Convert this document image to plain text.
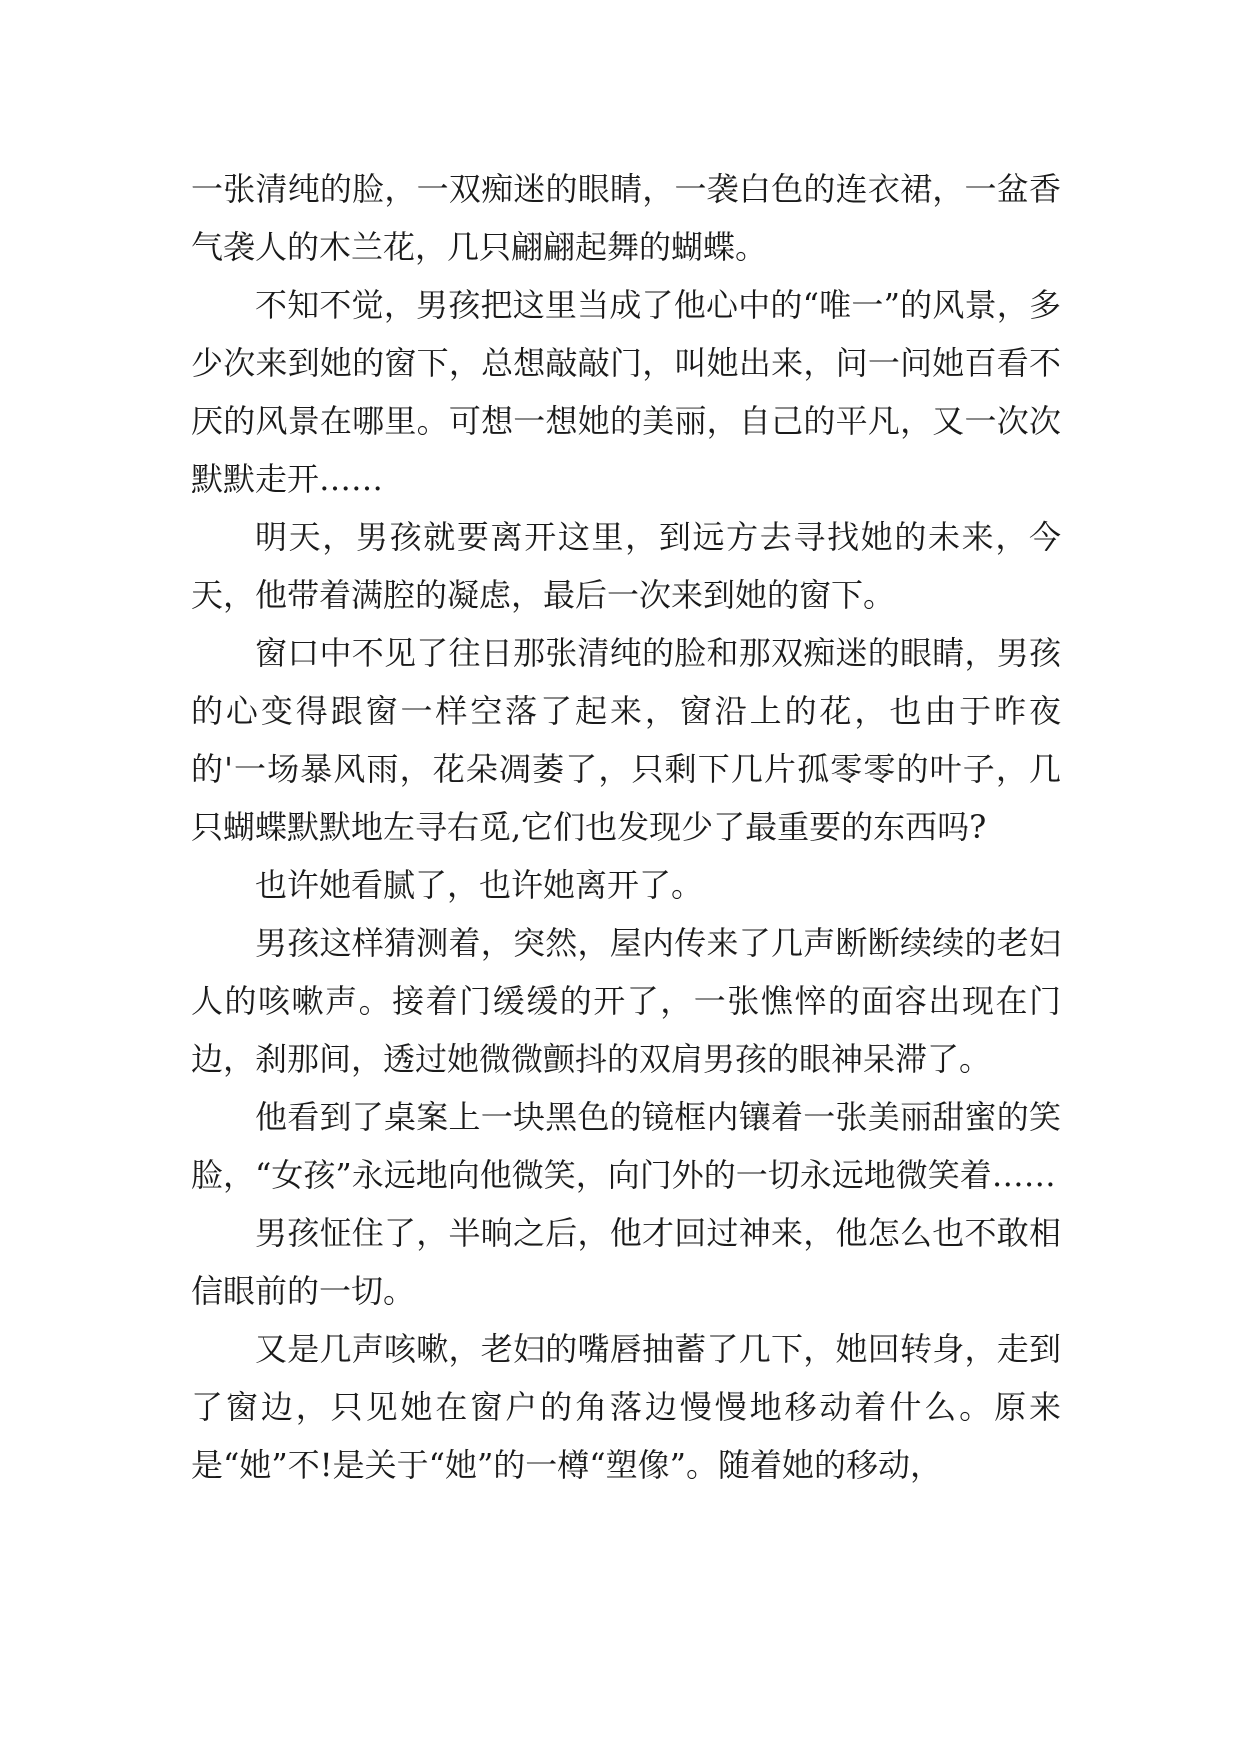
一张清纯的脸，一双痴迷的眼睛，一袭白色的连衣裙，一盆香气袭人的木兰花，几只翩翩起舞的蝴蝶。

不知不觉，男孩把这里当成了他心中的“唯一”的风景，多少次来到她的窗下，总想敲敲门，叫她出来，问一问她百看不厌的风景在哪里。可想一想她的美丽，自己的平凡，又一次次默默走开……

明天，男孩就要离开这里，到远方去寻找她的未来，今天，他带着满腔的凝虑，最后一次来到她的窗下。

窗口中不见了往日那张清纯的脸和那双痴迷的眼睛，男孩的心变得跟窗一样空落了起来，窗沿上的花，也由于昨夜的'一场暴风雨，花朵凋萎了，只剩下几片孤零零的叶子，几只蝴蝶默默地左寻右觅,它们也发现少了最重要的东西吗?

也许她看腻了，也许她离开了。

男孩这样猜测着，突然，屋内传来了几声断断续续的老妇人的咳嗽声。接着门缓缓的开了，一张憔悴的面容出现在门边，刹那间，透过她微微颤抖的双肩男孩的眼神呆滞了。

他看到了桌案上一块黑色的镜框内镶着一张美丽甜蜜的笑脸，“女孩”永远地向他微笑，向门外的一切永远地微笑着……

男孩怔住了，半晌之后，他才回过神来，他怎么也不敢相信眼前的一切。

又是几声咳嗽，老妇的嘴唇抽蓄了几下，她回转身，走到了窗边，只见她在窗户的角落边慢慢地移动着什么。原来是“她”不!是关于“她”的一樽“塑像”。随着她的移动，
